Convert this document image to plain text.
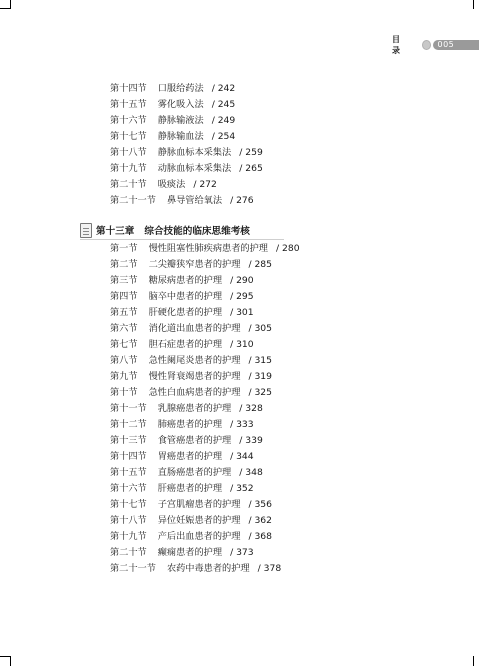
目 录
005
第十四节 口服给药法 / 242
第十五节 雾化吸入法 / 245
第十六节 静脉输液法 / 249
第十七节 静脉输血法 / 254
第十八节 静脉血标本采集法 / 259
第十九节 动脉血标本采集法 / 265
第二十节 吸痰法 / 272
第二十一节 鼻导管给氧法 / 276
第十三章 综合技能的临床思维考核
第一节 慢性阻塞性肺疾病患者的护理 / 280
第二节 二尖瓣狭窄患者的护理 / 285
第三节 糖尿病患者的护理 / 290
第四节 脑卒中患者的护理 / 295
第五节 肝硬化患者的护理 / 301
第六节 消化道出血患者的护理 / 305
第七节 胆石症患者的护理 / 310
第八节 急性阑尾炎患者的护理 / 315
第九节 慢性肾衰竭患者的护理 / 319
第十节 急性白血病患者的护理 / 325
第十一节 乳腺癌患者的护理 / 328
第十二节 肺癌患者的护理 / 333
第十三节 食管癌患者的护理 / 339
第十四节 胃癌患者的护理 / 344
第十五节 直肠癌患者的护理 / 348
第十六节 肝癌患者的护理 / 352
第十七节 子宫肌瘤患者的护理 / 356
第十八节 异位妊娠患者的护理 / 362
第十九节 产后出血患者的护理 / 368
第二十节 癫痫患者的护理 / 373
第二十一节 农药中毒患者的护理 / 378
